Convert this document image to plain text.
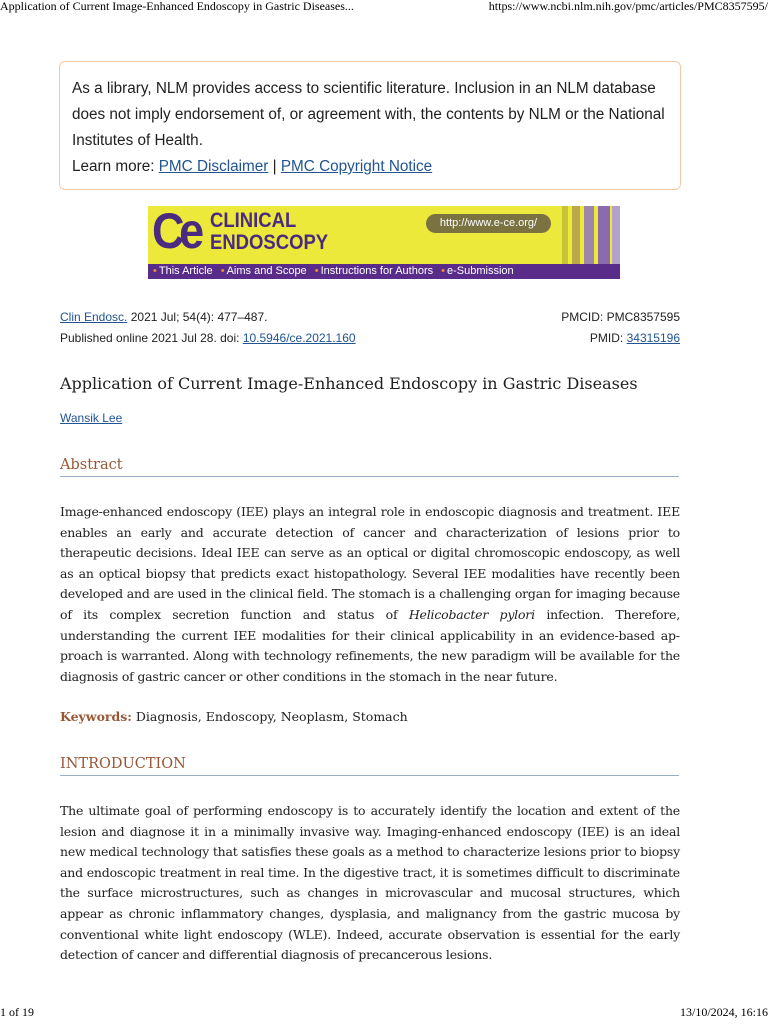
Application of Current Image-Enhanced Endoscopy in Gastric Diseases...	https://www.ncbi.nlm.nih.gov/pmc/articles/PMC8357595/
As a library, NLM provides access to scientific literature. Inclusion in an NLM database does not imply endorsement of, or agreement with, the contents by NLM or the National Institutes of Health.
Learn more: PMC Disclaimer | PMC Copyright Notice
Ce CLINICAL
ENDOSCOPY
http://www.e-ce.org/
• This Article • Aims and Scope • Instructions for Authors • e-Submission
Clin Endosc. 2021 Jul; 54(4): 477–487.	PMCID: PMC8357595
Published online 2021 Jul 28. doi: 10.5946/ce.2021.160	PMID: 34315196
Application of Current Image-Enhanced Endoscopy in Gastric Diseases
Wansik Lee
Abstract
Image-enhanced endoscopy (IEE) plays an integral role in endoscopic diagnosis and treatment. IEE enables an early and accurate detection of cancer and characterization of lesions prior to therapeutic decisions. Ideal IEE can serve as an optical or digital chromoscopic endoscopy, as well as an optical biopsy that predicts exact histopathology. Several IEE modalities have recently been developed and are used in the clinical field. The stomach is a challenging organ for imaging because of its complex secretion function and status of Helicobacter pylori infection. Therefore, understanding the current IEE modalities for their clinical applicability in an evidence-based approach is warranted. Along with technology refinements, the new paradigm will be available for the diagnosis of gastric cancer or other conditions in the stomach in the near future.
Keywords: Diagnosis, Endoscopy, Neoplasm, Stomach
INTRODUCTION
The ultimate goal of performing endoscopy is to accurately identify the location and extent of the lesion and diagnose it in a minimally invasive way. Imaging-enhanced endoscopy (IEE) is an ideal new medical technology that satisfies these goals as a method to characterize lesions prior to biopsy and endoscopic treatment in real time. In the digestive tract, it is sometimes difficult to discriminate the surface microstructures, such as changes in microvascular and mucosal structures, which appear as chronic inflammatory changes, dysplasia, and malignancy from the gastric mucosa by conventional white light endoscopy (WLE). Indeed, accurate observation is essential for the early detection of cancer and differential diagnosis of precancerous lesions.
1 of 19	13/10/2024, 16:16
